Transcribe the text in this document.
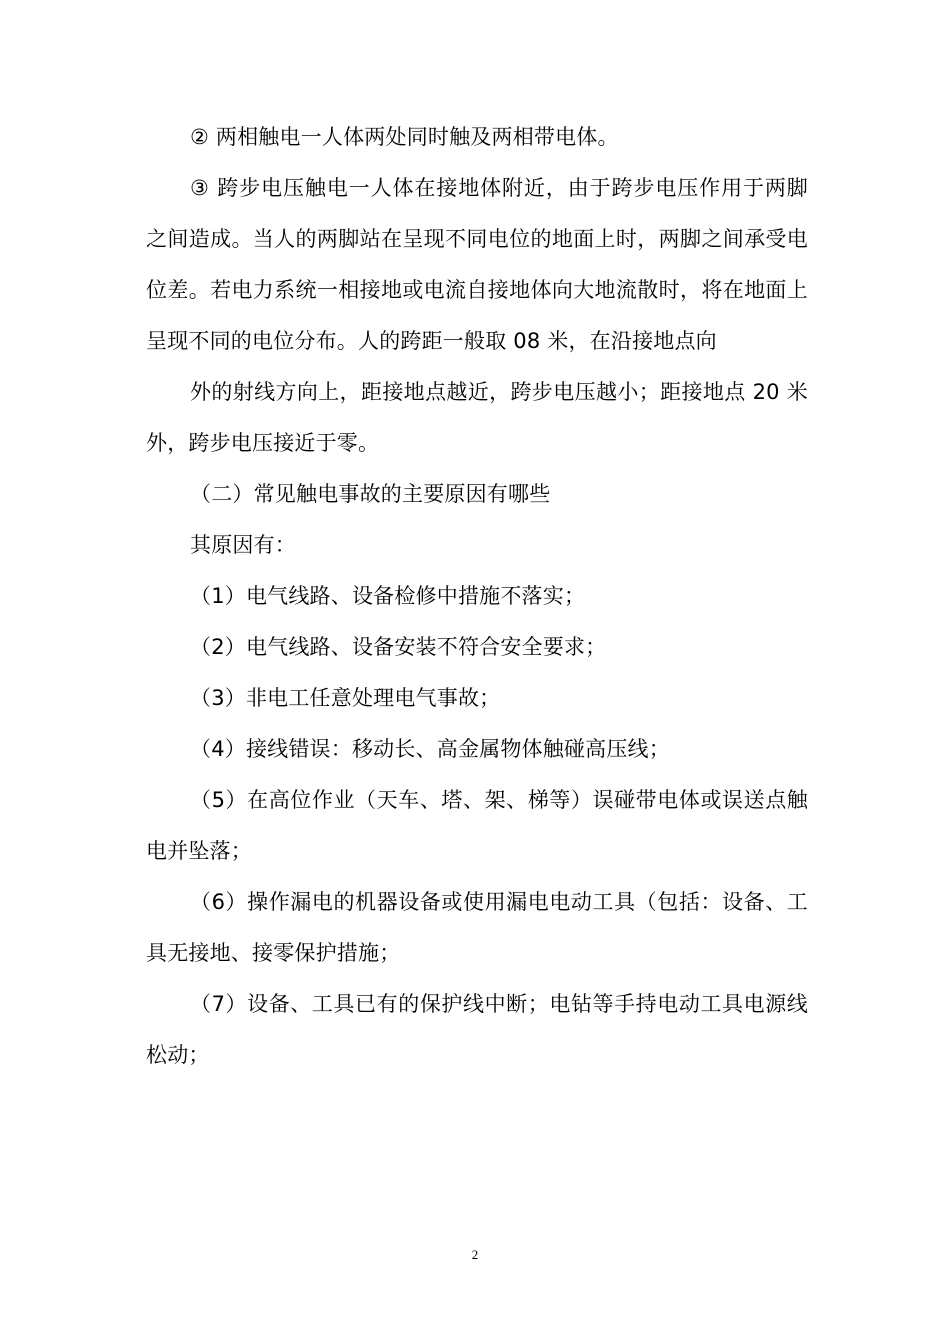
② 两相触电一人体两处同时触及两相带电体。

③ 跨步电压触电一人体在接地体附近，由于跨步电压作用于两脚之间造成。当人的两脚站在呈现不同电位的地面上时，两脚之间承受电位差。若电力系统一相接地或电流自接地体向大地流散时，将在地面上呈现不同的电位分布。人的跨距一般取 08 米，在沿接地点向

外的射线方向上，距接地点越近，跨步电压越小；距接地点 20 米外，跨步电压接近于零。

（二）常见触电事故的主要原因有哪些

其原因有：

（1）电气线路、设备检修中措施不落实；

（2）电气线路、设备安装不符合安全要求；

（3）非电工任意处理电气事故；

（4）接线错误：移动长、高金属物体触碰高压线；

（5）在高位作业（天车、塔、架、梯等）误碰带电体或误送点触电并坠落；

（6）操作漏电的机器设备或使用漏电电动工具（包括：设备、工具无接地、接零保护措施；

（7）设备、工具已有的保护线中断；电钻等手持电动工具电源线松动；

2
